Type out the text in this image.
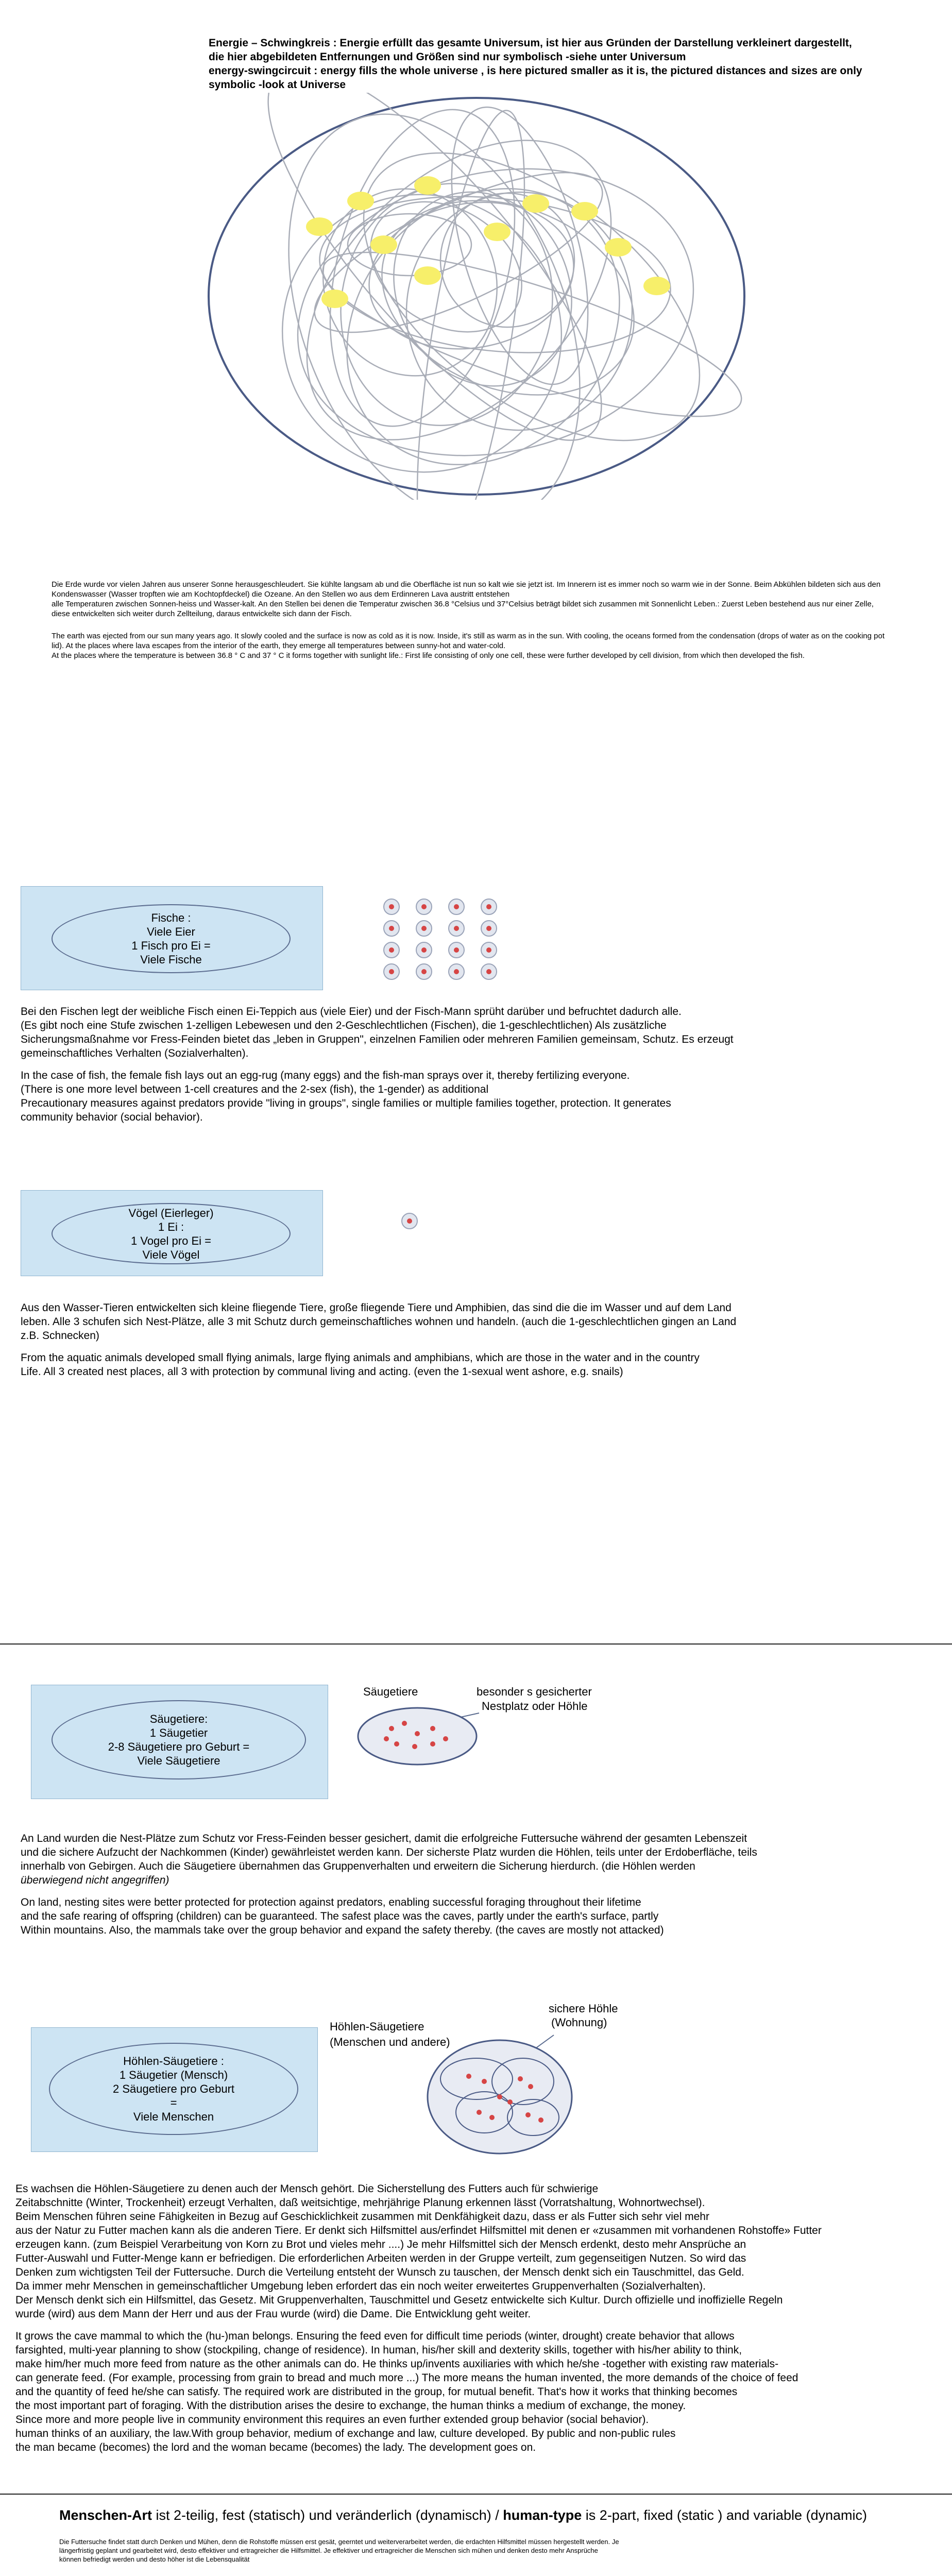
Energie – Schwingkreis : Energie erfüllt das gesamte Universum, ist hier aus Gründen der Darstellung verkleinert dargestellt, die hier abgebildeten Entfernungen und Größen sind nur symbolisch -siehe unter Universum

energy-swingcircuit : energy fills the whole universe , is here pictured smaller as it is, the pictured distances and sizes are only symbolic -look at Universe

Die Erde wurde vor vielen Jahren aus unserer Sonne herausgeschleudert. Sie kühlte langsam ab und die Oberfläche ist nun so kalt wie sie jetzt ist. Im Innerern ist es immer noch so warm wie in der Sonne. Beim Abkühlen bildeten sich aus den Kondenswasser (Wasser tropften wie am Kochtopfdeckel) die Ozeane. An den Stellen wo aus dem Erdinneren Lava austritt entstehen

alle Temperaturen zwischen Sonnen-heiss und Wasser-kalt. An den Stellen bei denen die Temperatur zwischen 36.8 °Celsius und 37°Celsius beträgt bildet sich zusammen mit Sonnenlicht Leben.: Zuerst Leben bestehend aus nur einer Zelle, diese entwickelten sich weiter durch Zellteilung, daraus entwickelte sich dann der Fisch.

The earth was ejected from our sun many years ago. It slowly cooled and the surface is now as cold as it is now. Inside, it's still as warm as in the sun. With cooling, the oceans formed from the condensation (drops of water as on the cooking pot lid). At the places where lava escapes from the interior of the earth, they emerge all temperatures between sunny-hot and water-cold.

At the places where the temperature is between 36.8 ° C and 37 ° C it forms together with sunlight life.: First life consisting of only one cell, these were further developed by cell division, from which then developed the fish.

Fische :
Viele Eier
1 Fisch pro Ei =
Viele Fische

Bei den Fischen legt der weibliche Fisch einen Ei-Teppich aus (viele Eier) und der Fisch-Mann sprüht darüber und befruchtet dadurch alle.

(Es gibt noch eine Stufe zwischen 1-zelligen Lebewesen und den 2-Geschlechtlichen (Fischen), die 1-geschlechtlichen) Als zusätzliche

Sicherungsmaßnahme vor Fress-Feinden bietet das „leben in Gruppen", einzelnen Familien oder mehreren Familien gemeinsam, Schutz. Es erzeugt

gemeinschaftliches Verhalten (Sozialverhalten).

In the case of fish, the female fish lays out an egg-rug (many eggs) and the fish-man sprays over it, thereby fertilizing everyone.

(There is one more level between 1-cell creatures and the 2-sex (fish), the 1-gender) as additional

Precautionary measures against predators provide "living in groups", single families or multiple families together, protection. It generates

community behavior (social behavior).

Vögel (Eierleger)
1 Ei :
1 Vogel pro Ei =
Viele Vögel

Aus den Wasser-Tieren entwickelten sich kleine fliegende Tiere, große fliegende Tiere und Amphibien, das sind die die im Wasser und auf dem Land

leben. Alle 3 schufen sich Nest-Plätze, alle 3 mit Schutz durch gemeinschaftliches wohnen und handeln. (auch die 1-geschlechtlichen gingen an Land

z.B. Schnecken)

From the aquatic animals developed small flying animals, large flying animals and amphibians, which are those in the water and in the country

Life. All 3 created nest places, all 3 with protection by communal living and acting. (even the 1-sexual went ashore, e.g. snails)

Säugetiere:
1 Säugetier
2-8 Säugetiere pro Geburt =
Viele Säugetiere
Säugetiere	besonder s gesicherter
Nestplatz oder Höhle

An Land wurden die Nest-Plätze zum Schutz vor Fress-Feinden besser gesichert, damit die erfolgreiche Futtersuche während der gesamten Lebenszeit

und die sichere Aufzucht der Nachkommen (Kinder) gewährleistet werden kann. Der sicherste Platz wurden die Höhlen, teils unter der Erdoberfläche, teils

innerhalb von Gebirgen. Auch die Säugetiere übernahmen das Gruppenverhalten und erweitern die Sicherung hierdurch. (die Höhlen werden

überwiegend nicht angegriffen)

On land, nesting sites were better protected for protection against predators, enabling successful foraging throughout their lifetime

and the safe rearing of offspring (children) can be guaranteed. The safest place was the caves, partly under the earth's surface, partly

Within mountains. Also, the mammals take over the group behavior and expand the safety thereby. (the caves are mostly not attacked)

Höhlen-Säugetiere :
1 Säugetier (Mensch)
2 Säugetiere pro Geburt
=
Viele Menschen
Höhlen-Säugetiere
(Menschen und andere)
sichere Höhle
(Wohnung)

Es wachsen die Höhlen-Säugetiere zu denen auch der Mensch gehört. Die Sicherstellung des Futters auch für schwierige

Zeitabschnitte (Winter, Trockenheit) erzeugt Verhalten, daß weitsichtige, mehrjährige Planung erkennen lässt (Vorratshaltung, Wohnortwechsel).

Beim Menschen führen seine Fähigkeiten in Bezug auf Geschicklichkeit zusammen mit Denkfähigkeit dazu, dass er als Futter sich sehr viel mehr

aus der Natur zu Futter machen kann als die anderen Tiere. Er denkt sich Hilfsmittel aus/erfindet Hilfsmittel mit denen er «zusammen mit vorhandenen Rohstoffe» Futter

erzeugen kann. (zum Beispiel Verarbeitung von Korn zu Brot und vieles mehr ....) Je mehr Hilfsmittel sich der Mensch erdenkt, desto mehr Ansprüche an

Futter-Auswahl und Futter-Menge kann er befriedigen. Die erforderlichen Arbeiten werden in der Gruppe verteilt, zum gegenseitigen Nutzen. So wird das

Denken zum wichtigsten Teil der Futtersuche. Durch die Verteilung entsteht der Wunsch zu tauschen, der Mensch denkt sich ein Tauschmittel, das Geld.

Da immer mehr Menschen in gemeinschaftlicher Umgebung leben erfordert das ein noch weiter erweitertes Gruppenverhalten (Sozialverhalten).

Der Mensch denkt sich ein Hilfsmittel, das Gesetz. Mit Gruppenverhalten, Tauschmittel und Gesetz entwickelte sich Kultur. Durch offizielle und inoffizielle Regeln

wurde (wird) aus dem Mann der Herr und aus der Frau wurde (wird) die Dame. Die Entwicklung geht weiter.

It grows the cave mammal to which the (hu-)man belongs. Ensuring the feed even for difficult time periods (winter, drought) create behavior that allows

farsighted, multi-year planning to show (stockpiling, change of residence). In human, his/her skill and dexterity skills, together with his/her ability to think,

make him/her much more feed from nature as the other animals can do. He thinks up/invents auxiliaries with which he/she -together with existing raw materials-

can generate feed. (For example, processing from grain to bread and much more ...) The more means the human invented, the more demands of the choice of feed

and the quantity of feed he/she can satisfy. The required work are distributed in the group, for mutual benefit. That's how it works that thinking becomes

the most important part of foraging. With the distribution arises the desire to exchange, the human thinks a medium of exchange, the money.

Since more and more people live in community environment this requires an even further extended group behavior (social behavior).

human thinks of an auxiliary, the law.With group behavior, medium of exchange and law, culture developed. By public and non-public rules

the man became (becomes) the lord and the woman became (becomes) the lady. The development goes on.

Menschen-Art ist 2-teilig, fest (statisch) und veränderlich (dynamisch) / human-type is 2-part, fixed (static ) and variable (dynamic)

Die Futtersuche findet statt durch Denken und Mühen, denn die Rohstoffe müssen erst gesät, geerntet und weiterverarbeitet werden, die erdachten Hilfsmittel müssen hergestellt werden. Je

längerfristig geplant und gearbeitet wird, desto effektiver und ertragreicher die Hilfsmittel. Je effektiver und ertragreicher die Menschen sich mühen und denken desto mehr Ansprüche

können befriedigt werden und desto höher ist die Lebensqualität
